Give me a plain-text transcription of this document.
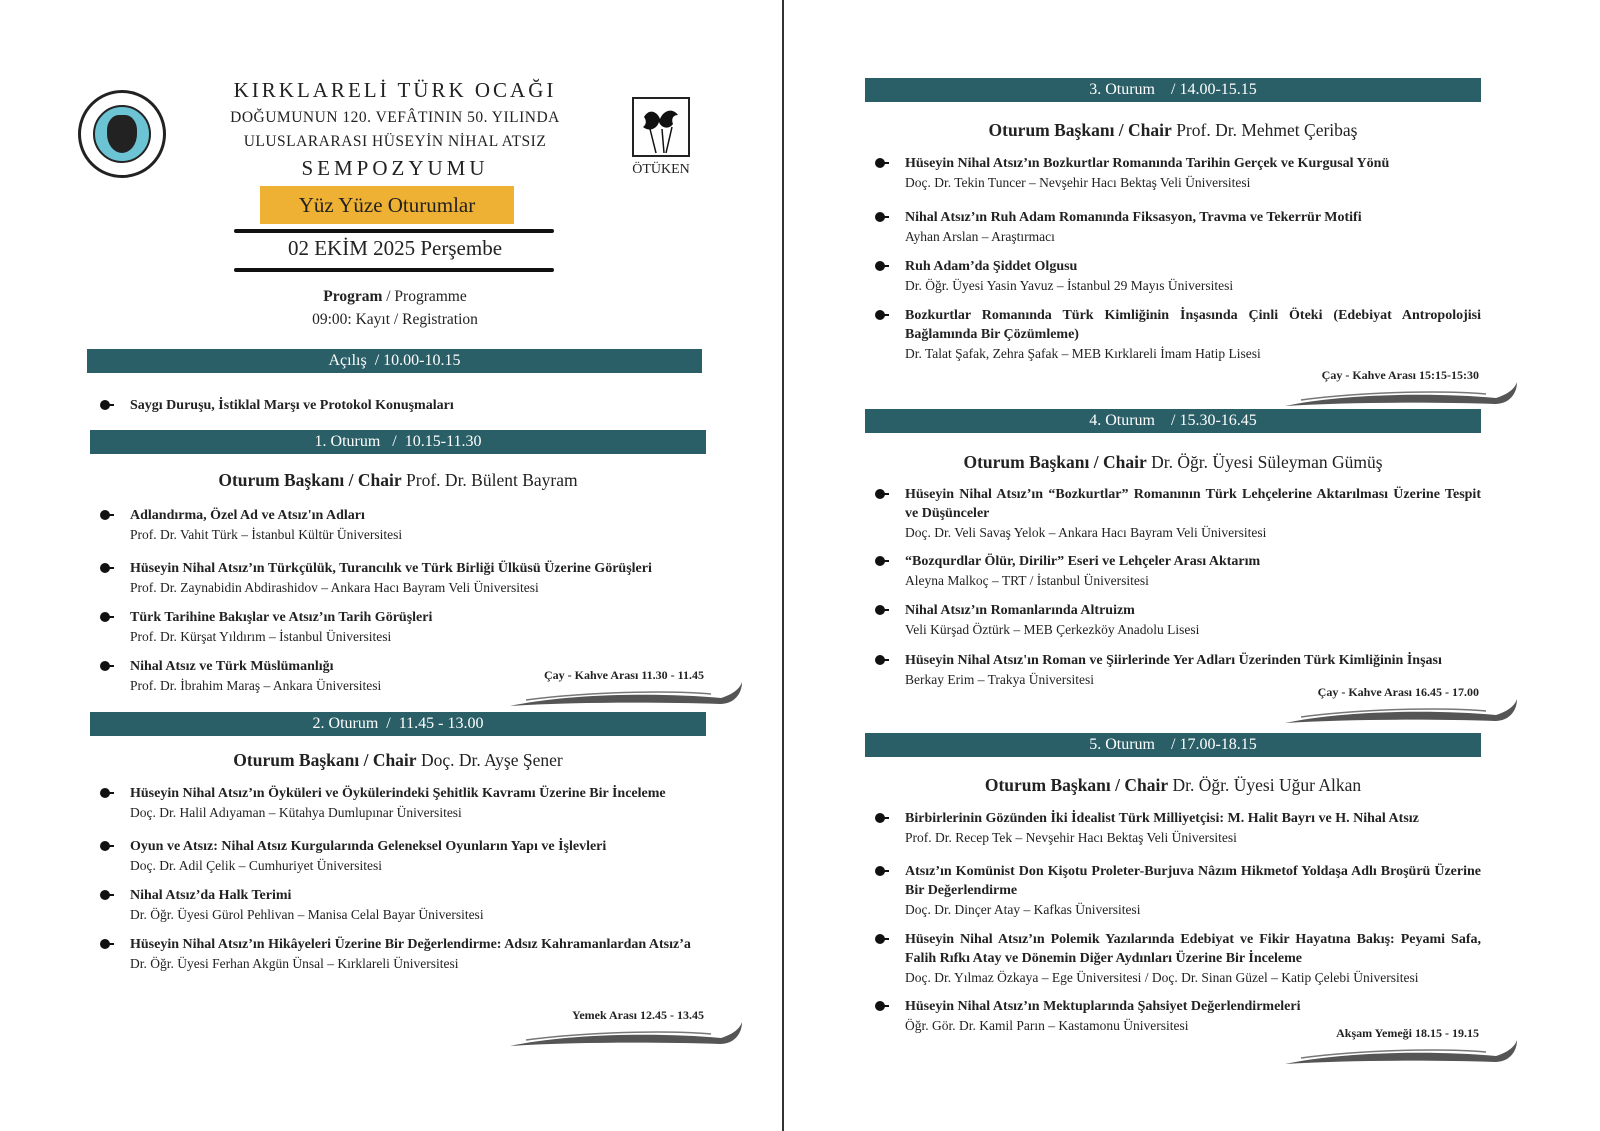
ÖTÜKEN
KIRKLARELİ TÜRK OCAĞI
DOĞUMUNUN 120. VEFÂTININ 50. YILINDA
ULUSLARARASI HÜSEYİN NİHAL ATSIZ
SEMPOZYUMU
Yüz Yüze Oturumlar
02 EKİM 2025 Perşembe
Program / Programme
09:00: Kayıt / Registration
Açılış  / 10.00-10.15
Saygı Duruşu, İstiklal Marşı ve Protokol Konuşmaları
1. Oturum   /  10.15-11.30
Oturum Başkanı / Chair Prof. Dr. Bülent Bayram
Adlandırma, Özel Ad ve Atsız'ın Adları
Prof. Dr. Vahit Türk – İstanbul Kültür Üniversitesi
Hüseyin Nihal Atsız’ın Türkçülük, Turancılık ve Türk Birliği Ülküsü Üzerine Görüşleri
Prof. Dr. Zaynabidin Abdirashidov – Ankara Hacı Bayram Veli Üniversitesi
Türk Tarihine Bakışlar ve Atsız’ın Tarih Görüşleri
Prof. Dr. Kürşat Yıldırım – İstanbul Üniversitesi
Nihal Atsız ve Türk Müslümanlığı
Prof. Dr. İbrahim Maraş – Ankara Üniversitesi
Çay - Kahve Arası 11.30 - 11.45
2. Oturum  /  11.45 - 13.00
Oturum Başkanı / Chair Doç. Dr. Ayşe Şener
Hüseyin Nihal Atsız’ın Öyküleri ve Öykülerindeki Şehitlik Kavramı Üzerine Bir İnceleme
Doç. Dr. Halil Adıyaman – Kütahya Dumlupınar Üniversitesi
Oyun ve Atsız: Nihal Atsız Kurgularında Geleneksel Oyunların Yapı ve İşlevleri
Doç. Dr. Adil Çelik – Cumhuriyet Üniversitesi
Nihal Atsız’da Halk Terimi
Dr. Öğr. Üyesi Gürol Pehlivan – Manisa Celal Bayar Üniversitesi
Hüseyin Nihal Atsız’ın Hikâyeleri Üzerine Bir Değerlendirme: Adsız Kahramanlardan Atsız’a
Dr. Öğr. Üyesi Ferhan Akgün Ünsal – Kırklareli Üniversitesi
Yemek Arası 12.45 - 13.45
3. Oturum    / 14.00-15.15
Oturum Başkanı / Chair Prof. Dr. Mehmet Çeribaş
Hüseyin Nihal Atsız’ın Bozkurtlar Romanında Tarihin Gerçek ve Kurgusal Yönü
Doç. Dr. Tekin Tuncer – Nevşehir Hacı Bektaş Veli Üniversitesi
Nihal Atsız’ın Ruh Adam Romanında Fiksasyon, Travma ve Tekerrür Motifi
Ayhan Arslan – Araştırmacı
Ruh Adam’da Şiddet Olgusu
Dr. Öğr. Üyesi Yasin Yavuz – İstanbul 29 Mayıs Üniversitesi
Bozkurtlar Romanında Türk Kimliğinin İnşasında Çinli Öteki (Edebiyat Antropolojisi Bağlamında Bir Çözümleme)
Dr. Talat Şafak, Zehra Şafak – MEB Kırklareli İmam Hatip Lisesi
Çay - Kahve Arası 15:15-15:30
4. Oturum    / 15.30-16.45
Oturum Başkanı / Chair Dr. Öğr. Üyesi Süleyman Gümüş
Hüseyin Nihal Atsız’ın “Bozkurtlar” Romanının Türk Lehçelerine Aktarılması Üzerine Tespit ve Düşünceler
Doç. Dr. Veli Savaş Yelok – Ankara Hacı Bayram Veli Üniversitesi
“Bozqurdlar Ölür, Dirilir” Eseri ve Lehçeler Arası Aktarım
Aleyna Malkoç – TRT / İstanbul Üniversitesi
Nihal Atsız’ın Romanlarında Altruizm
Veli Kürşad Öztürk – MEB Çerkezköy Anadolu Lisesi
Hüseyin Nihal Atsız'ın Roman ve Şiirlerinde Yer Adları Üzerinden Türk Kimliğinin İnşası
Berkay Erim – Trakya Üniversitesi
Çay - Kahve Arası 16.45 - 17.00
5. Oturum    / 17.00-18.15
Oturum Başkanı / Chair Dr. Öğr. Üyesi Uğur Alkan
Birbirlerinin Gözünden İki İdealist Türk Milliyetçisi: M. Halit Bayrı ve H. Nihal Atsız
Prof. Dr. Recep Tek – Nevşehir Hacı Bektaş Veli Üniversitesi
Atsız’ın Komünist Don Kişotu Proleter-Burjuva Nâzım Hikmetof Yoldaşa Adlı Broşürü Üzerine Bir Değerlendirme
Doç. Dr. Dinçer Atay – Kafkas Üniversitesi
Hüseyin Nihal Atsız’ın Polemik Yazılarında Edebiyat ve Fikir Hayatına Bakış: Peyami Safa, Falih Rıfkı Atay ve Dönemin Diğer Aydınları Üzerine Bir İnceleme
Doç. Dr. Yılmaz Özkaya – Ege Üniversitesi / Doç. Dr. Sinan Güzel – Katip Çelebi Üniversitesi
Hüseyin Nihal Atsız’ın Mektuplarında Şahsiyet Değerlendirmeleri
Öğr. Gör. Dr. Kamil Parın – Kastamonu Üniversitesi	Akşam Yemeği 18.15 - 19.15
